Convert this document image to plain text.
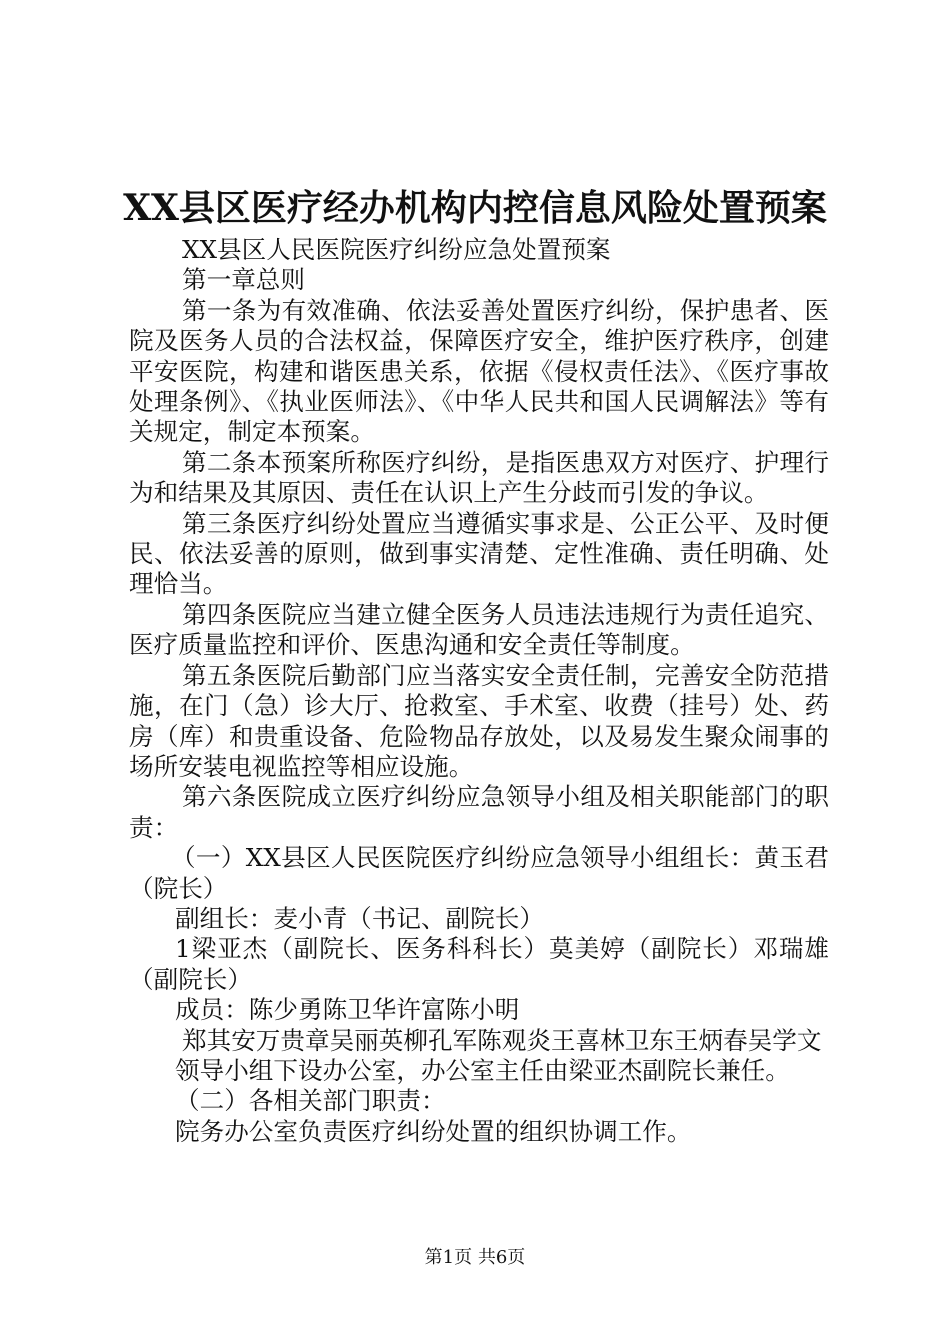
XX县区医疗经办机构内控信息风险处置预案

XX县区人民医院医疗纠纷应急处置预案

第一章总则

第一条为有效准确、依法妥善处置医疗纠纷，保护患者、医院及医务人员的合法权益，保障医疗安全，维护医疗秩序，创建平安医院，构建和谐医患关系，依据《侵权责任法》、《医疗事故处理条例》、《执业医师法》、《中华人民共和国人民调解法》等有关规定，制定本预案。

第二条本预案所称医疗纠纷，是指医患双方对医疗、护理行为和结果及其原因、责任在认识上产生分歧而引发的争议。

第三条医疗纠纷处置应当遵循实事求是、公正公平、及时便民、依法妥善的原则，做到事实清楚、定性准确、责任明确、处理恰当。

第四条医院应当建立健全医务人员违法违规行为责任追究、医疗质量监控和评价、医患沟通和安全责任等制度。

第五条医院后勤部门应当落实安全责任制，完善安全防范措施，在门（急）诊大厅、抢救室、手术室、收费（挂号）处、药房（库）和贵重设备、危险物品存放处，以及易发生聚众闹事的场所安装电视监控等相应设施。

第六条医院成立医疗纠纷应急领导小组及相关职能部门的职责：

（一）XX县区人民医院医疗纠纷应急领导小组组长：黄玉君（院长）

副组长：麦小青（书记、副院长）

1梁亚杰（副院长、医务科科长）莫美婷（副院长）邓瑞雄（副院长）

成员：陈少勇陈卫华许富陈小明

郑其安万贵章吴丽英柳孔军陈观炎王喜林卫东王炳春吴学文

领导小组下设办公室，办公室主任由梁亚杰副院长兼任。

（二）各相关部门职责：

院务办公室负责医疗纠纷处置的组织协调工作。

第1页 共6页
